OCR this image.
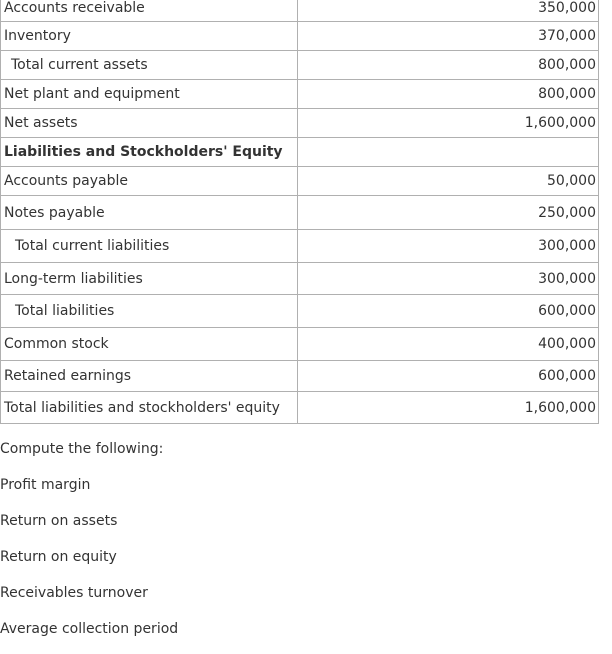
Accounts receivable	350,000
Inventory	370,000
Total current assets	800,000
Net plant and equipment	800,000
Net assets	1,600,000
Liabilities and Stockholders' Equity	
Accounts payable	50,000
Notes payable	250,000
Total current liabilities	300,000
Long-term liabilities	300,000
Total liabilities	600,000
Common stock	400,000
Retained earnings	600,000
Total liabilities and stockholders' equity	1,600,000

Compute the following:

Profit margin

Return on assets

Return on equity

Receivables turnover

Average collection period
